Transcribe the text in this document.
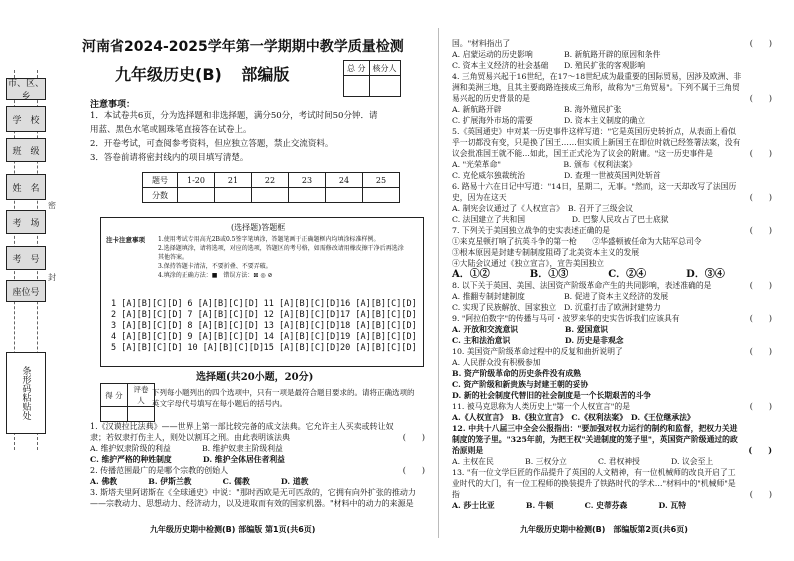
市、区、乡
学　校
班　级
姓　名
考　场
考　号
座位号
条形码粘贴处
密
封
河南省2024-2025学年第一学期期中教学质量检测
九年级历史(B) 部编版	总 分	核分人

注意事项：
1．本试卷共6页，分为选择题和非选择题，满分50分，考试时间50分钟．请
用蓝、黑色水笔或圆珠笔直接答在试卷上。
2．开卷考试，可查阅参考资料，但应独立答题，禁止交流资料。
3．答卷前请将密封线内的项目填写清楚。
题号	1-20	21	22	23	24	25
分数						
(选择题)答题框
注卡注意事项 1.使用考试专用高光2B或0.5签字笔填涂，答题笔画于正确题框内均填涂标准样例。
2.选择题填涂，请将选项，对应的选项，答题区的考号格，如需修改请用橡皮擦干净后再选涂其他答案。
3.保持答题卡清洁，不要折叠、不要弄破。
4.填涂的正确方法：■　错误方法：⊠ ◎ ⊘
1 [A][B][C][D] 6 [A][B][C][D] 11 [A][B][C][D] 16 [A][B][C][D]
2 [A][B][C][D] 7 [A][B][C][D] 12 [A][B][C][D] 17 [A][B][C][D]
3 [A][B][C][D] 8 [A][B][C][D] 13 [A][B][C][D] 18 [A][B][C][D]
4 [A][B][C][D] 9 [A][B][C][D] 14 [A][B][C][D] 19 [A][B][C][D]
5 [A][B][C][D] 10 [A][B][C][D] 15 [A][B][C][D] 20 [A][B][C][D]
选择题(共20小题，20分)
得 分	评卷人

下列每小题列出的四个选项中，只有一项是最符合题目要求的。请将正确选项的英文字母代号填写在每小题后的括号内。
1.《汉谟拉比法典》——世界上第一部比较完备的成文法典。它允许主人买卖或转让奴隶；若奴隶打伤主人，则处以割耳之刑。由此表明该法典	(　　)
A. 维护奴隶阶级的利益　　　　B. 维护奴隶主阶级利益
C. 维护严格的种姓制度　　　　D. 维护全体居住者利益
2. 传播范围最广的是哪个宗教的创始人	(　　)
A. 佛教　　　　B. 伊斯兰教　　　　C. 儒教　　　　D. 道教
3. 斯塔夫里阿诺斯在《全球通史》中说："那时西欧是无可匹敌的，它拥有向外扩张的推动力——宗教动力、思想动力、经济动力，以及进取而有效的国家机器。"材料中的动力的来源是
九年级历史期中检测(B) 部编版 第1页(共6页)
国。"材料指出了	(　　)
A. 启蒙运动的历史影响　　　　B. 新航路开辟的原因和条件
C. 资本主义经济的社会基础　　D. 殖民扩张的客观影响
4. 三角贸易兴起于16世纪，在17～18世纪成为最重要的国际贸易，因涉及欧洲、非洲和美洲三地，且其主要商路连接成三角形，故称为"三角贸易"。下列不属于三角贸易兴起的历史背景的是	(　　)
A. 新航路开辟　　　　　　　　B. 海外殖民扩张
C. 扩展海外市场的需要　　　　D. 资本主义制度的确立
5.《英国通史》中对某一历史事件这样写道："它是英国历史转折点，从表面上看似乎一切都没有变，只是换了国王……但实质上新国王在即位时就已经签署法案，没有议会批准国王就不能…如此，国王正式沦为了议会的附庸。"这一历史事件是	(　　)
A. "光荣革命"　　　　　　　　B. 颁布《权利法案》
C. 克伦威尔独裁统治　　　　　D. 查理一世被英国判处斩首
6. 路易十六在日记中写道："14日，星期二，无事。"然而，这一天却改写了法国历史，因为在这天	(　　)
A. 制宪会议通过了《人权宣言》　B. 召开了三级会议
C. 法国建立了共和国　　　　　　D. 巴黎人民攻占了巴士底狱
7. 下列关于美国独立战争的史实表述正确的是	(　　)
①来克星顿打响了抗英斗争的第一枪　　②华盛顿被任命为大陆军总司令
③根本原因是封建专制制度阻碍了北美资本主义的发展
④大陆会议通过《独立宣言》，宣告美国独立
A．①②　　　　B．①③　　　　C．②④　　　　D．③④
8. 以下关于英国、美国、法国资产阶级革命产生的共同影响，表述准确的是	(　　)
A. 推翻专制封建制度　　　　　B. 促进了资本主义经济的发展
C. 实现了民族解放、国家独立　D. 沉重打击了欧洲封建势力
9. "阿拉伯数字"的传播与马可・波罗来华的史实告诉我们应该具有	(　　)
A. 开放和交流意识　　　　　　B. 爱国意识
C. 主和法治意识　　　　　　　D. 历史是非观念
10. 美国资产阶级革命过程中的反复和曲折说明了	(　　)
A. 人民群众没有积极参加
B. 资产阶级革命的历史条件没有成熟
C. 资产阶级和新贵族与封建王朝的妥协
D. 新的社会制度代替旧的社会制度是一个长期艰苦的斗争
11. 被马克思称为人类历史上"第一个人权宣言"的是	(　　)
A.《人权宣言》　B.《独立宣言》　C.《权利法案》　D.《王位继承法》
12. 中共十八届三中全会公报指出："要加强对权力运行的制约和监督，把权力关进制度的笼子里。"325年前，为把王权"关进制度的笼子里"，英国资产阶级通过的政治原则是	(　　)
A. 主权在民　　　　B. 三权分立　　　　C. 君权神授　　　　D. 议会至上
13. "有一位文学巨匠的作品提升了英国的人文精神，有一位机械师的改良开启了工业时代的大门，有一位工程师的换装提升了铁路时代的学术…"材料中的"机械师"是指	(　　)
A. 莎士比亚　　　　B. 牛顿　　　　C. 史蒂芬森　　　　D. 瓦特
九年级历史期中检测(B)　部编版第2页(共6页)
